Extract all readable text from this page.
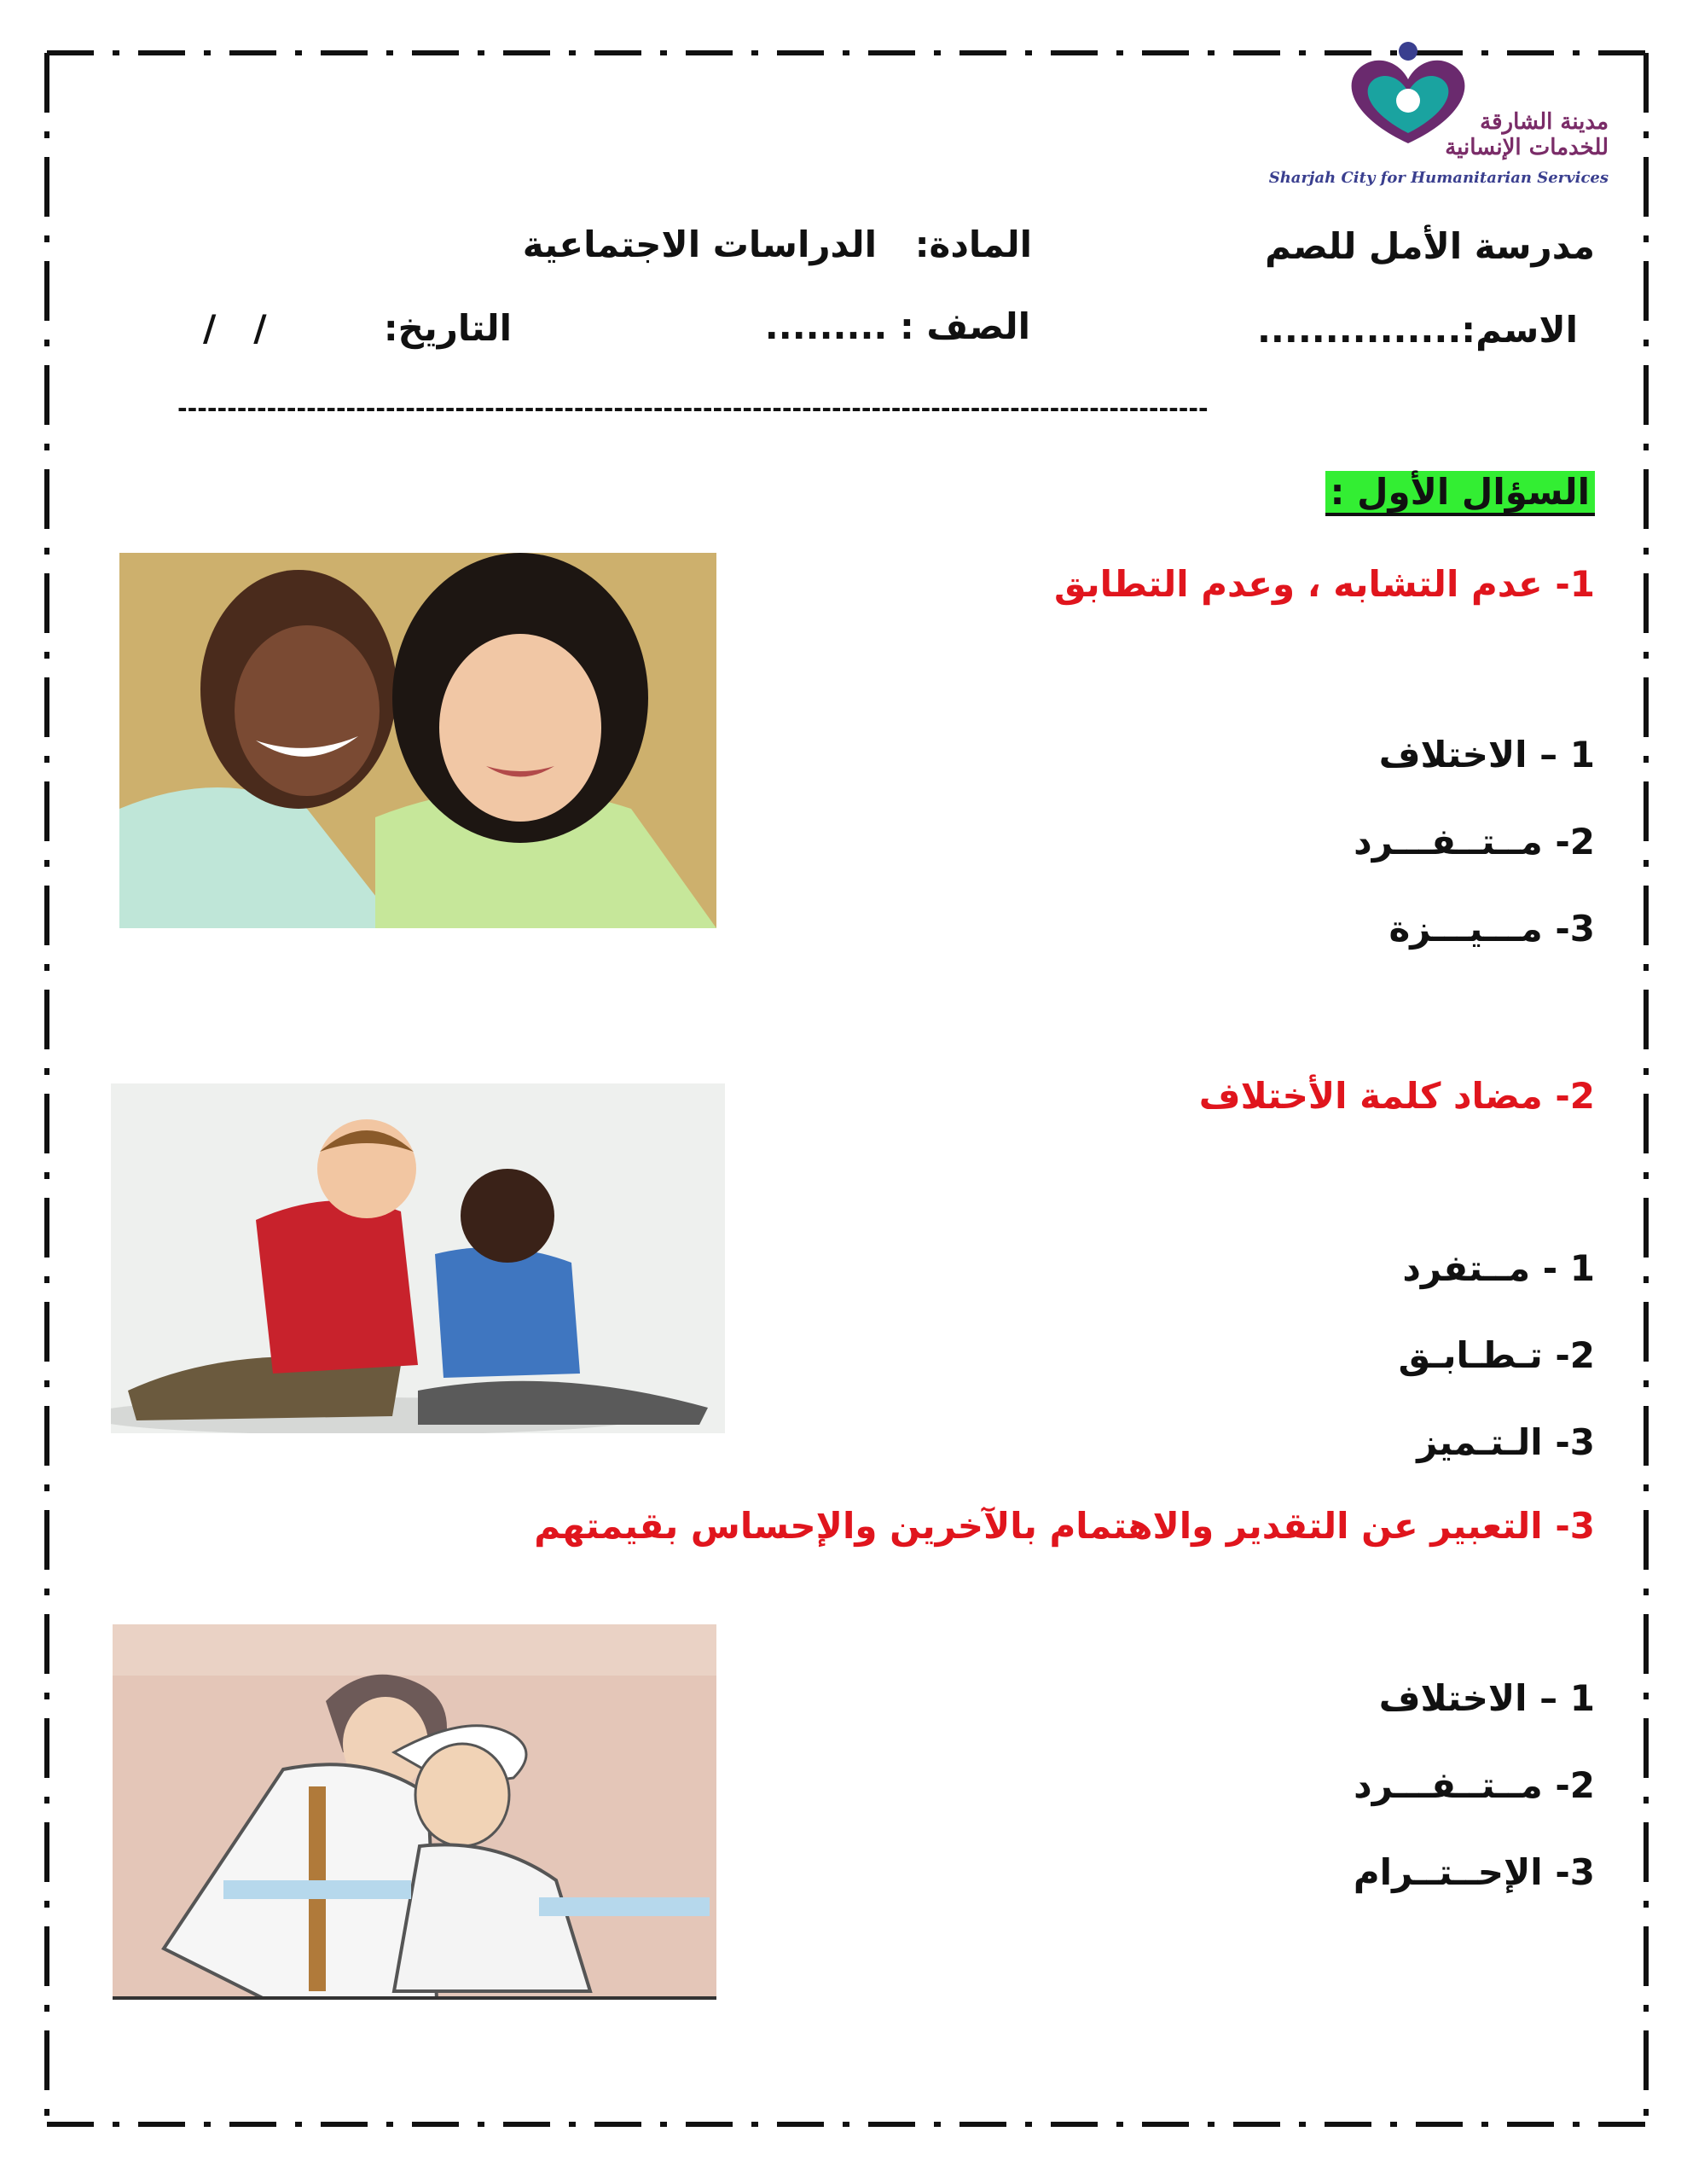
مدينة الشارقة
للخدمات الإنسانية
Sharjah City for Humanitarian Services
مدرسة الأمل للصم
المادة:
الدراسات الاجتماعية
الاسم:...............
الصف : .........
التاريخ:
/   /
--------------------------------------------------------------------------------------------------------
السؤال الأول :
1- عدم التشابه ، وعدم التطابق
1 – الاختلاف
2- مــتــفـــرد
3- مـــيـــزة
2- مضاد كلمة الأختلاف
1 - مــتفرد
2- تـطـابـق
3- الـتـميز
3- التعبير عن التقدير والاهتمام بالآخرين والإحساس بقيمتهم
1 – الاختلاف
2- مــتــفـــرد
3- الإحــتــرام
